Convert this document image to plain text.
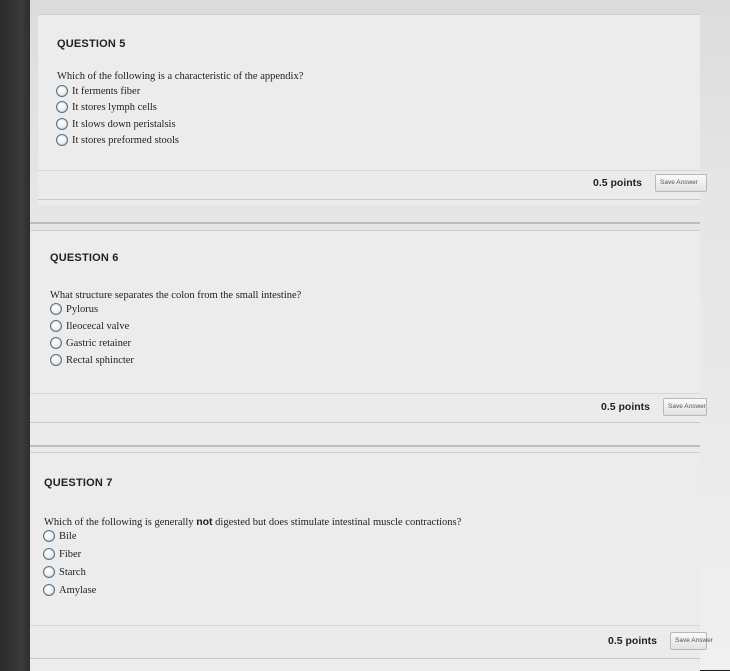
QUESTION 5
Which of the following is a characteristic of the appendix?
It ferments fiber
It stores lymph cells
It slows down peristalsis
It stores preformed stools
0.5 points	Save Answer
QUESTION 6
What structure separates the colon from the small intestine?
Pylorus
Ileocecal valve
Gastric retainer
Rectal sphincter
0.5 points	Save Answer
QUESTION 7
Which of the following is generally not digested but does stimulate intestinal muscle contractions?
Bile
Fiber
Starch
Amylase
0.5 points	Save Answer
